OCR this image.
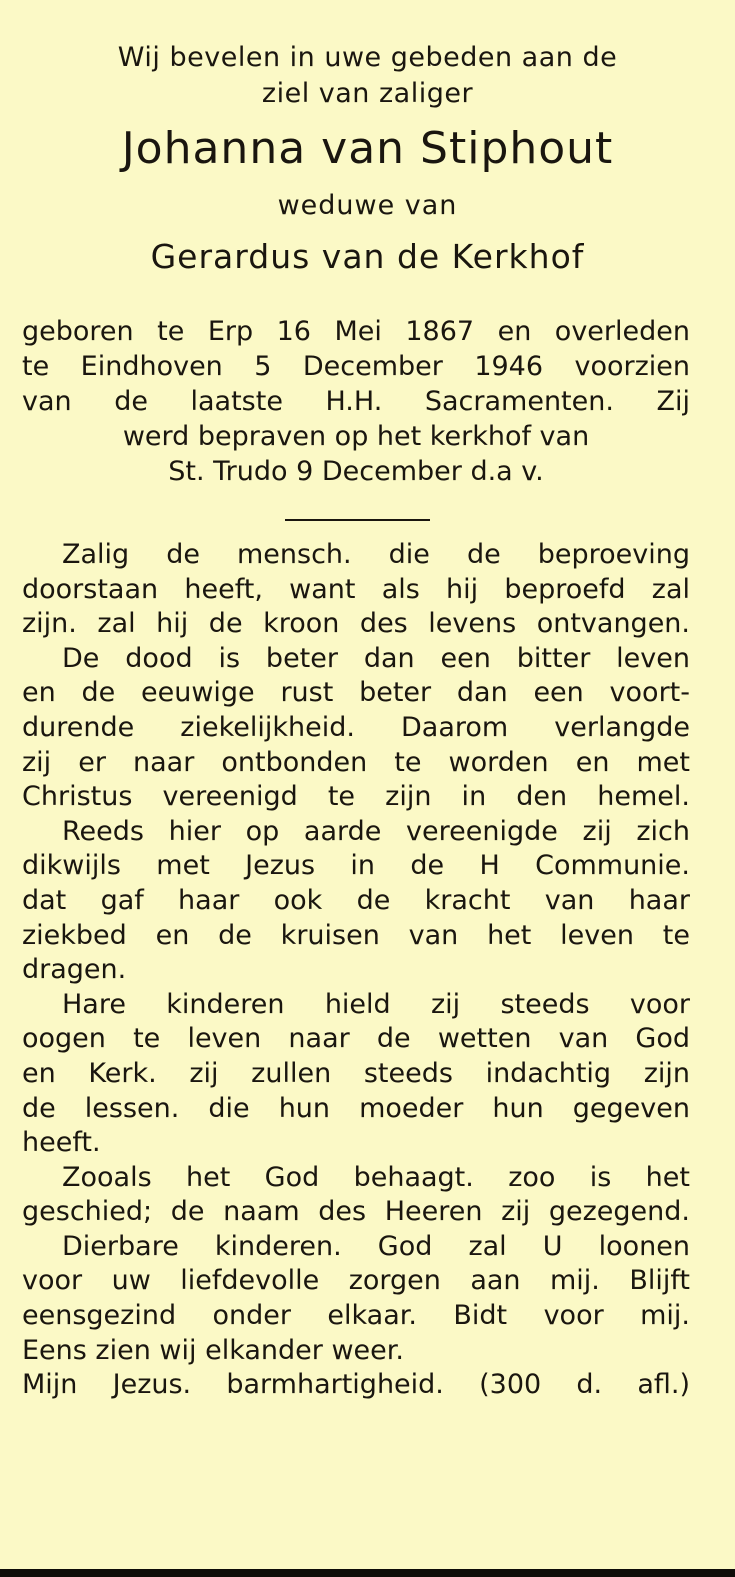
Wij bevelen in uwe gebeden aan de
ziel van zaliger
Johanna van Stiphout
weduwe van
Gerardus van de Kerkhof
geboren te Erp 16 Mei 1867 en overleden
te Eindhoven 5 December 1946 voorzien
van de laatste H.H. Sacramenten. Zij
werd bepraven op het kerkhof van
St. Trudo 9 December d.a v.
Zalig de mensch. die de beproeving
doorstaan heeft, want als hij beproefd zal
zijn. zal hij de kroon des levens ontvangen.
De dood is beter dan een bitter leven
en de eeuwige rust beter dan een voort-
durende ziekelijkheid. Daarom verlangde
zij er naar ontbonden te worden en met
Christus vereenigd te zijn in den hemel.
Reeds hier op aarde vereenigde zij zich
dikwijls met Jezus in de H Communie.
dat gaf haar ook de kracht van haar
ziekbed en de kruisen van het leven te
dragen.
Hare kinderen hield zij steeds voor
oogen te leven naar de wetten van God
en Kerk. zij zullen steeds indachtig zijn
de lessen. die hun moeder hun gegeven
heeft.
Zooals het God behaagt. zoo is het
geschied; de naam des Heeren zij gezegend.
Dierbare kinderen. God zal U loonen
voor uw liefdevolle zorgen aan mij. Blijft
eensgezind onder elkaar. Bidt voor mij.
Eens zien wij elkander weer.
Mijn Jezus. barmhartigheid. (300 d. afl.)
